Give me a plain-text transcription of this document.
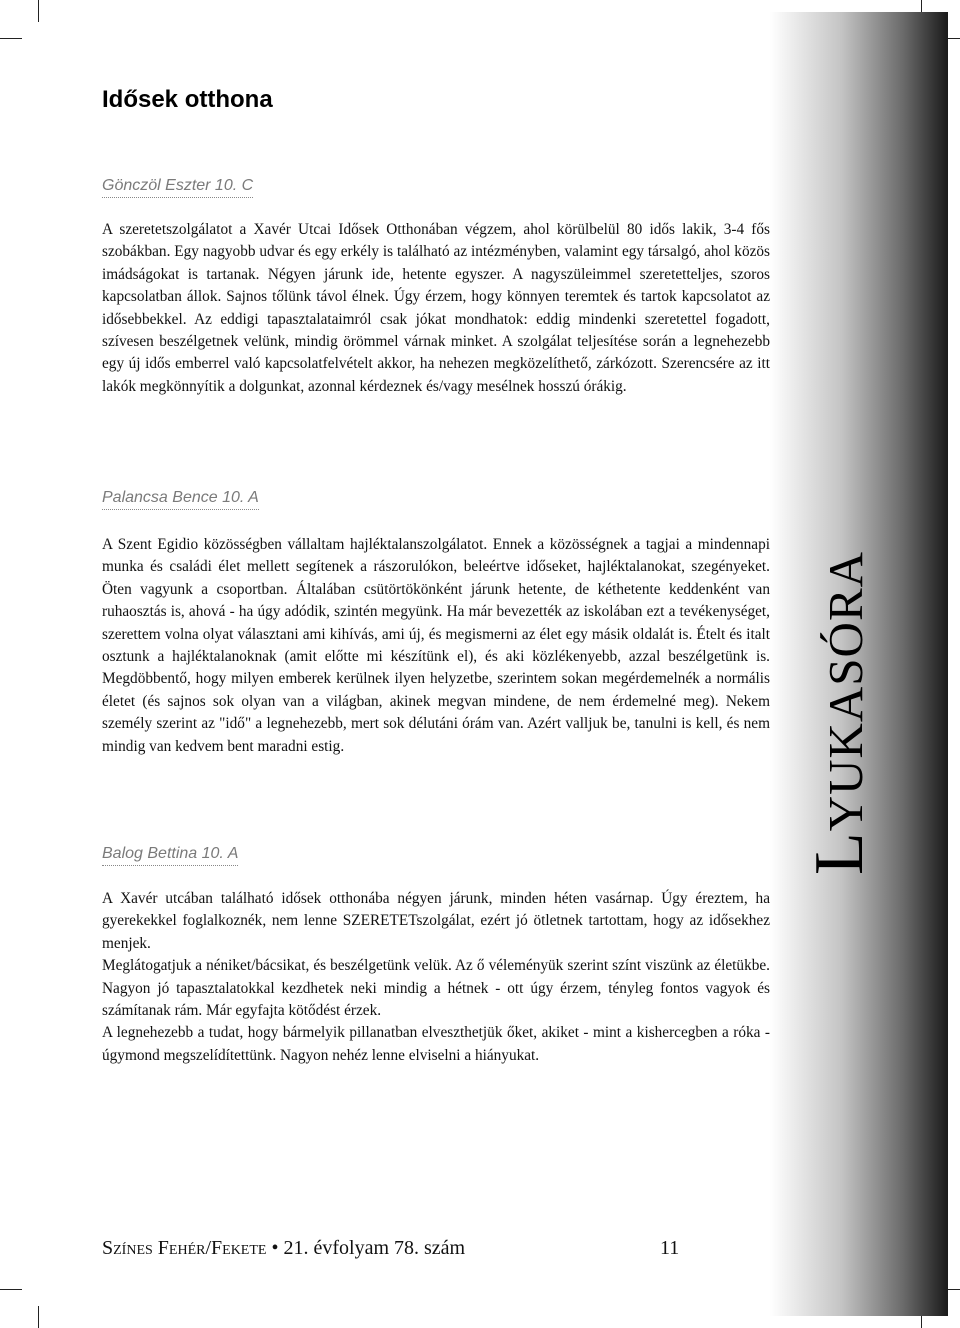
Lyukasóra
Idősek otthona
Gönczöl Eszter 10. C

A szeretetszolgálatot a Xavér Utcai Idősek Otthonában végzem, ahol körülbelül 80 idős lakik, 3-4 fős szobákban. Egy nagyobb udvar és egy erkély is található az intézményben, valamint egy társalgó, ahol közös imádságokat is tartanak. Négyen járunk ide, hetente egyszer. A nagyszüleimmel szeretetteljes, szoros kapcsolatban állok. Sajnos tőlünk távol élnek. Úgy érzem, hogy könnyen teremtek és tartok kapcsolatot az idősebbekkel. Az eddigi tapasztalataimról csak jókat mondhatok: eddig mindenki szeretettel fogadott, szívesen beszélgetnek velünk, mindig örömmel várnak minket. A szolgálat teljesítése során a legnehezebb egy új idős emberrel való kapcsolatfelvételt akkor, ha nehezen megközelíthető, zárkózott. Szerencsére az itt lakók megkönnyítik a dolgunkat, azonnal kérdeznek és/vagy mesélnek hosszú órákig.

Palancsa Bence 10. A

A Szent Egidio közösségben vállaltam hajléktalanszolgálatot. Ennek a közösségnek a tagjai a mindennapi munka és családi élet mellett segítenek a rászorulókon, beleértve időseket, hajléktalanokat, szegényeket. Öten vagyunk a csoportban. Általában csütörtökönként járunk hetente, de kéthetente keddenként van ruhaosztás is, ahová - ha úgy adódik, szintén megyünk. Ha már bevezették az iskolában ezt a tevékenységet, szerettem volna olyat választani ami kihívás, ami új, és megismerni az élet egy másik oldalát is. Ételt és italt osztunk a hajléktalanoknak (amit előtte mi készítünk el), és aki közlékenyebb, azzal beszélgetünk is. Megdöbbentő, hogy milyen emberek kerülnek ilyen helyzetbe, szerintem sokan megérdemelnék a normális életet (és sajnos sok olyan van a világban, akinek megvan mindene, de nem érdemelné meg). Nekem személy szerint az "idő" a legnehezebb, mert sok délutáni órám van. Azért valljuk be, tanulni is kell, és nem mindig van kedvem bent maradni estig.

Balog Bettina 10. A

A Xavér utcában található idősek otthonába négyen járunk, minden héten vasárnap. Úgy éreztem, ha gyerekekkel foglalkoznék, nem lenne SZERETETszolgálat, ezért jó ötletnek tartottam, hogy az idősekhez menjek.

Meglátogatjuk a néniket/bácsikat, és beszélgetünk velük. Az ő véleményük szerint színt viszünk az életükbe. Nagyon jó tapasztalatokkal kezdhetek neki mindig a hétnek - ott úgy érzem, tényleg fontos vagyok és számítanak rám. Már egyfajta kötődést érzek.

A legnehezebb a tudat, hogy bármelyik pillanatban elveszthetjük őket, akiket - mint a kishercegben a róka - úgymond megszelídítettünk. Nagyon nehéz lenne elviselni a hiányukat.

Színes Fehér/Fekete • 21. évfolyam 78. szám	11
